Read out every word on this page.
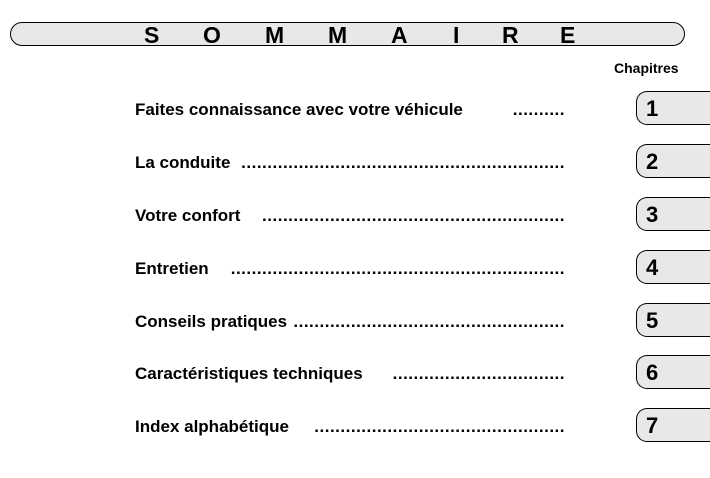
S O M M A I R E
Chapitres
Faites connaissance avec votre véhicule	..........	1
La conduite ..............................................................	2
Votre confort ..........................................................	3
Entretien ................................................................	4
Conseils pratiques ....................................................	5
Caractéristiques techniques .................................	6
Index alphabétique ................................................	7
